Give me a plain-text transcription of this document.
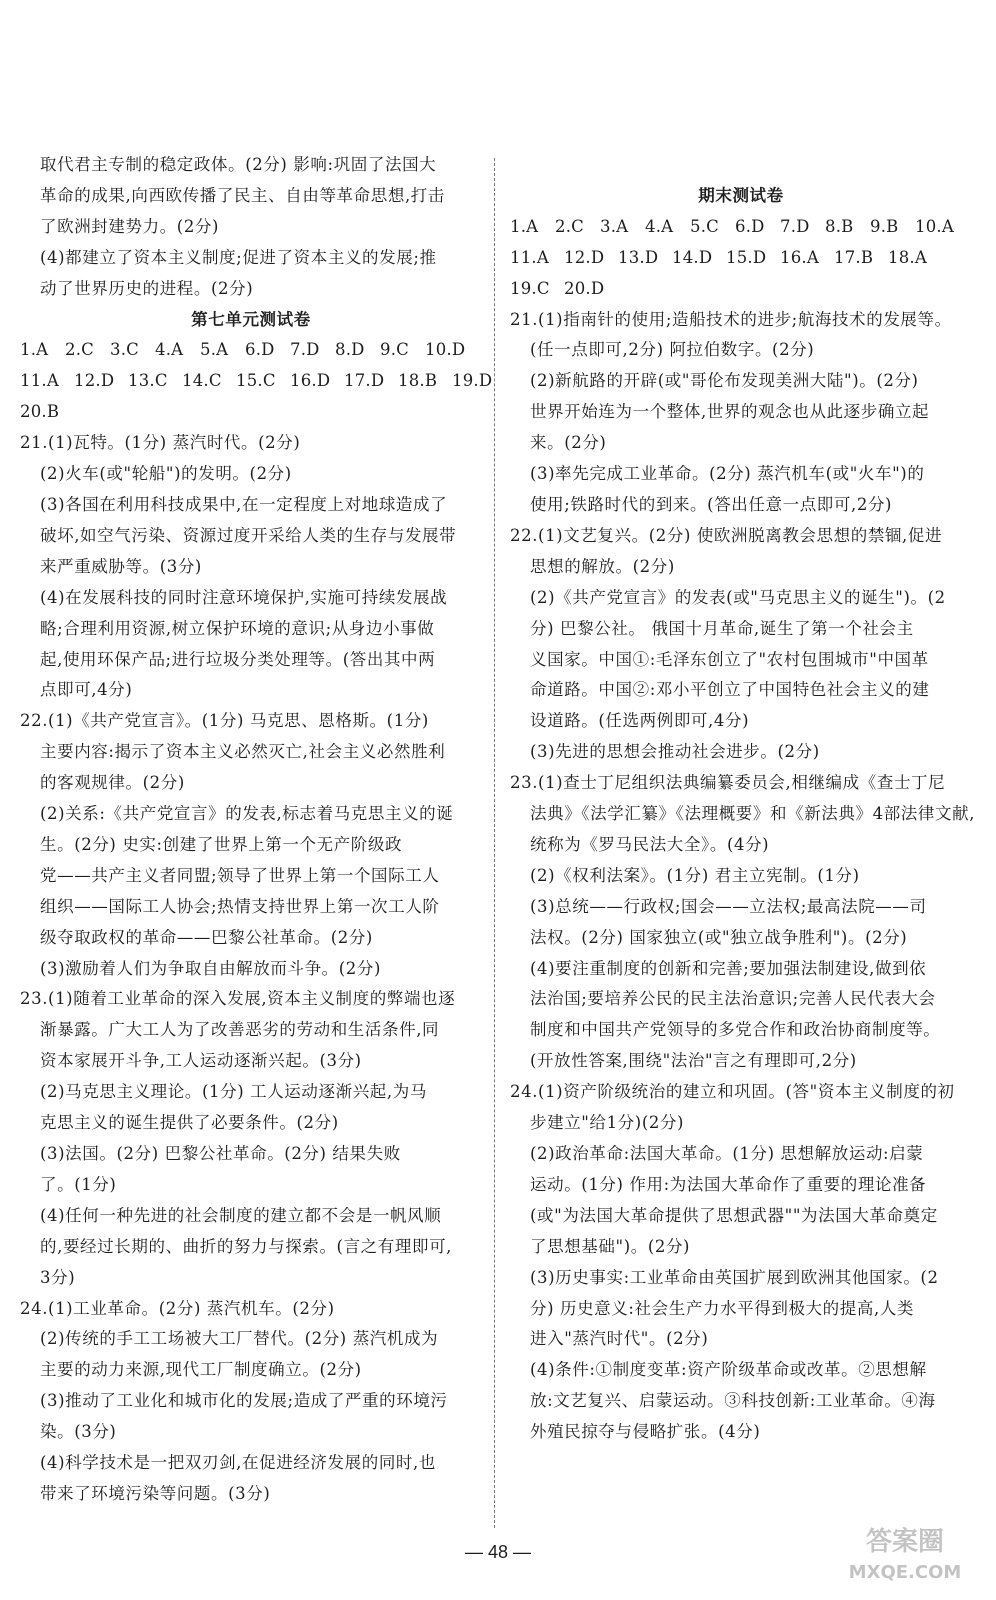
取代君主专制的稳定政体。(2分) 影响:巩固了法国大
革命的成果,向西欧传播了民主、自由等革命思想,打击
了欧洲封建势力。(2分)
(4)都建立了资本主义制度;促进了资本主义的发展;推
动了世界历史的进程。(2分)
第七单元测试卷
1.A 2.C 3.C 4.A 5.A 6.D 7.D 8.D 9.C 10.D
11.A 12.D 13.C 14.C 15.C 16.D 17.D 18.B 19.D
20.B
21.(1)瓦特。(1分) 蒸汽时代。(2分)
(2)火车(或"轮船")的发明。(2分)
(3)各国在利用科技成果中,在一定程度上对地球造成了
破坏,如空气污染、资源过度开采给人类的生存与发展带
来严重威胁等。(3分)
(4)在发展科技的同时注意环境保护,实施可持续发展战
略;合理利用资源,树立保护环境的意识;从身边小事做
起,使用环保产品;进行垃圾分类处理等。(答出其中两
点即可,4分)
22.(1)《共产党宣言》。(1分) 马克思、恩格斯。(1分)
主要内容:揭示了资本主义必然灭亡,社会主义必然胜利
的客观规律。(2分)
(2)关系:《共产党宣言》的发表,标志着马克思主义的诞
生。(2分) 史实:创建了世界上第一个无产阶级政
党——共产主义者同盟;领导了世界上第一个国际工人
组织——国际工人协会;热情支持世界上第一次工人阶
级夺取政权的革命——巴黎公社革命。(2分)
(3)激励着人们为争取自由解放而斗争。(2分)
23.(1)随着工业革命的深入发展,资本主义制度的弊端也逐
渐暴露。广大工人为了改善恶劣的劳动和生活条件,同
资本家展开斗争,工人运动逐渐兴起。(3分)
(2)马克思主义理论。(1分) 工人运动逐渐兴起,为马
克思主义的诞生提供了必要条件。(2分)
(3)法国。(2分) 巴黎公社革命。(2分) 结果失败
了。(1分)
(4)任何一种先进的社会制度的建立都不会是一帆风顺
的,要经过长期的、曲折的努力与探索。(言之有理即可,
3分)
24.(1)工业革命。(2分) 蒸汽机车。(2分)
(2)传统的手工工场被大工厂替代。(2分) 蒸汽机成为
主要的动力来源,现代工厂制度确立。(2分)
(3)推动了工业化和城市化的发展;造成了严重的环境污
染。(3分)
(4)科学技术是一把双刃剑,在促进经济发展的同时,也
带来了环境污染等问题。(3分)

期末测试卷
1.A 2.C 3.A 4.A 5.C 6.D 7.D 8.B 9.B 10.A
11.A 12.D 13.D 14.D 15.D 16.A 17.B 18.A
19.C 20.D
21.(1)指南针的使用;造船技术的进步;航海技术的发展等。
(任一点即可,2分) 阿拉伯数字。(2分)
(2)新航路的开辟(或"哥伦布发现美洲大陆")。(2分)
世界开始连为一个整体,世界的观念也从此逐步确立起
来。(2分)
(3)率先完成工业革命。(2分) 蒸汽机车(或"火车")的
使用;铁路时代的到来。(答出任意一点即可,2分)
22.(1)文艺复兴。(2分) 使欧洲脱离教会思想的禁锢,促进
思想的解放。(2分)
(2)《共产党宣言》的发表(或"马克思主义的诞生")。(2
分) 巴黎公社。 俄国十月革命,诞生了第一个社会主
义国家。中国①:毛泽东创立了"农村包围城市"中国革
命道路。中国②:邓小平创立了中国特色社会主义的建
设道路。(任选两例即可,4分)
(3)先进的思想会推动社会进步。(2分)
23.(1)查士丁尼组织法典编纂委员会,相继编成《查士丁尼
法典》《法学汇纂》《法理概要》和《新法典》4部法律文献,
统称为《罗马民法大全》。(4分)
(2)《权利法案》。(1分) 君主立宪制。(1分)
(3)总统——行政权;国会——立法权;最高法院——司
法权。(2分) 国家独立(或"独立战争胜利")。(2分)
(4)要注重制度的创新和完善;要加强法制建设,做到依
法治国;要培养公民的民主法治意识;完善人民代表大会
制度和中国共产党领导的多党合作和政治协商制度等。
(开放性答案,围绕"法治"言之有理即可,2分)
24.(1)资产阶级统治的建立和巩固。(答"资本主义制度的初
步建立"给1分)(2分)
(2)政治革命:法国大革命。(1分) 思想解放运动:启蒙
运动。(1分) 作用:为法国大革命作了重要的理论准备
(或"为法国大革命提供了思想武器""为法国大革命奠定
了思想基础")。(2分)
(3)历史事实:工业革命由英国扩展到欧洲其他国家。(2
分) 历史意义:社会生产力水平得到极大的提高,人类
进入"蒸汽时代"。(2分)
(4)条件:①制度变革:资产阶级革命或改革。②思想解
放:文艺复兴、启蒙运动。③科技创新:工业革命。④海
外殖民掠夺与侵略扩张。(4分)
— 48 —	答案圈
MXQE.COM
